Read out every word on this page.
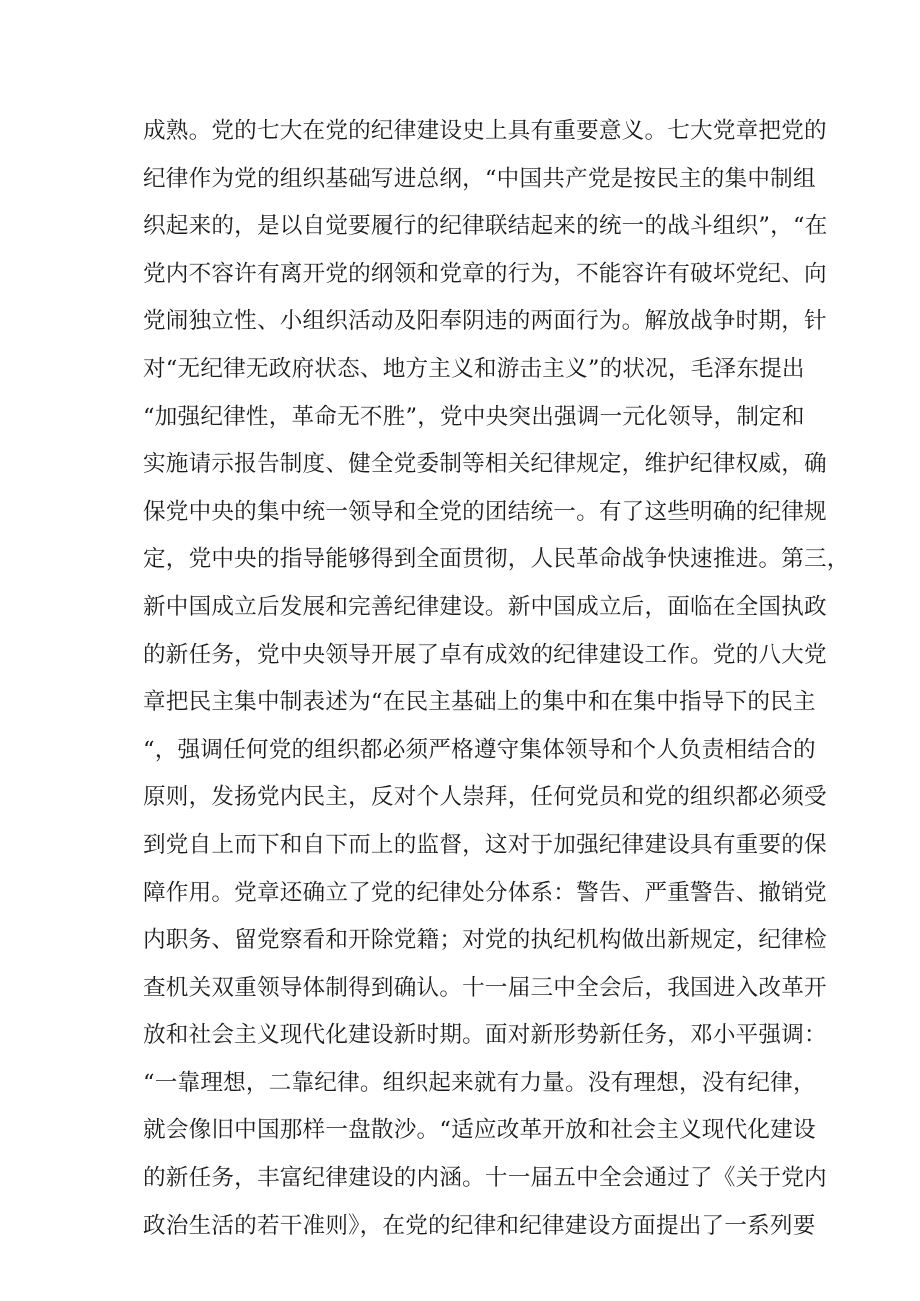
成熟。党的七大在党的纪律建设史上具有重要意义。七大党章把党的
纪律作为党的组织基础写进总纲，“中国共产党是按民主的集中制组
织起来的，是以自觉要履行的纪律联结起来的统一的战斗组织”，“在
党内不容许有离开党的纲领和党章的行为，不能容许有破坏党纪、向
党闹独立性、小组织活动及阳奉阴违的两面行为。解放战争时期，针
对“无纪律无政府状态、地方主义和游击主义”的状况，毛泽东提出
“加强纪律性，革命无不胜”，党中央突出强调一元化领导，制定和
实施请示报告制度、健全党委制等相关纪律规定，维护纪律权威，确
保党中央的集中统一领导和全党的团结统一。有了这些明确的纪律规
定，党中央的指导能够得到全面贯彻，人民革命战争快速推进。第三，
新中国成立后发展和完善纪律建设。新中国成立后，面临在全国执政
的新任务，党中央领导开展了卓有成效的纪律建设工作。党的八大党
章把民主集中制表述为“在民主基础上的集中和在集中指导下的民主
“，强调任何党的组织都必须严格遵守集体领导和个人负责相结合的
原则，发扬党内民主，反对个人崇拜，任何党员和党的组织都必须受
到党自上而下和自下而上的监督，这对于加强纪律建设具有重要的保
障作用。党章还确立了党的纪律处分体系：警告、严重警告、撤销党
内职务、留党察看和开除党籍；对党的执纪机构做出新规定，纪律检
查机关双重领导体制得到确认。十一届三中全会后，我国进入改革开
放和社会主义现代化建设新时期。面对新形势新任务，邓小平强调：
“一靠理想，二靠纪律。组织起来就有力量。没有理想，没有纪律，
就会像旧中国那样一盘散沙。“适应改革开放和社会主义现代化建设
的新任务，丰富纪律建设的内涵。十一届五中全会通过了《关于党内
政治生活的若干准则》，在党的纪律和纪律建设方面提出了一系列要
